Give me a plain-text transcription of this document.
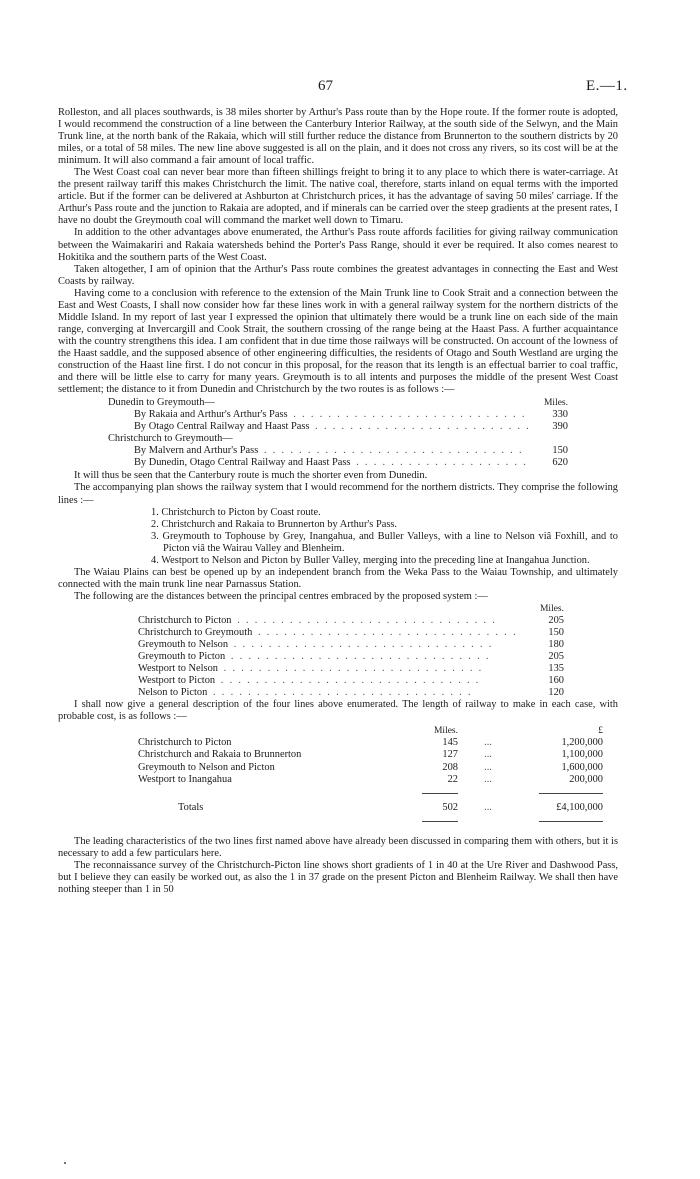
67	E.—1.

Rolleston, and all places southwards, is 38 miles shorter by Arthur's Pass route than by the Hope route. If the former route is adopted, I would recommend the construction of a line between the Canterbury Interior Railway, at the south side of the Selwyn, and the Main Trunk line, at the north bank of the Rakaia, which will still further reduce the distance from Brunnerton to the southern districts by 20 miles, or a total of 58 miles. The new line above suggested is all on the plain, and it does not cross any rivers, so its cost will be at the minimum. It will also command a fair amount of local traffic.

The West Coast coal can never bear more than fifteen shillings freight to bring it to any place to which there is water-carriage. At the present railway tariff this makes Christchurch the limit. The native coal, therefore, starts inland on equal terms with the imported article. But if the former can be delivered at Ashburton at Christchurch prices, it has the advantage of saving 50 miles' carriage. If the Arthur's Pass route and the junction to Rakaia are adopted, and if minerals can be carried over the steep gradients at the present rates, I have no doubt the Greymouth coal will command the market well down to Timaru.

In addition to the other advantages above enumerated, the Arthur's Pass route affords facilities for giving railway communication between the Waimakariri and Rakaia watersheds behind the Porter's Pass Range, should it ever be required. It also comes nearest to Hokitika and the southern parts of the West Coast.

Taken altogether, I am of opinion that the Arthur's Pass route combines the greatest advantages in connecting the East and West Coasts by railway.

Having come to a conclusion with reference to the extension of the Main Trunk line to Cook Strait and a connection between the East and West Coasts, I shall now consider how far these lines work in with a general railway system for the northern districts of the Middle Island. In my report of last year I expressed the opinion that ultimately there would be a trunk line on each side of the main range, converging at Invercargill and Cook Strait, the southern crossing of the range being at the Haast Pass. A further acquaintance with the country strengthens this idea. I am confident that in due time those railways will be constructed. On account of the lowness of the Haast saddle, and the supposed absence of other engineering difficulties, the residents of Otago and South Westland are urging the construction of the Haast line first. I do not concur in this proposal, for the reason that its length is an effectual barrier to coal traffic, and there will be little else to carry for many years. Greymouth is to all intents and purposes the middle of the present West Coast settlement; the distance to it from Dunedin and Christchurch by the two routes is as follows :—

Dunedin to Greymouth—	Miles.
By Rakaia and Arthur's Arthur's Pass . . .	330
By Otago Central Railway and Haast Pass . . .	390
Christchurch to Greymouth—
By Malvern and Arthur's Pass . . .	150
By Dunedin, Otago Central Railway and Haast Pass . . .	620

It will thus be seen that the Canterbury route is much the shorter even from Dunedin.

The accompanying plan shows the railway system that I would recommend for the northern districts. They comprise the following lines :—

1. Christchurch to Picton by Coast route.
2. Christchurch and Rakaia to Brunnerton by Arthur's Pass.
3. Greymouth to Tophouse by Grey, Inangahua, and Buller Valleys, with a line to Nelson viâ Foxhill, and to Picton viâ the Wairau Valley and Blenheim.
4. Westport to Nelson and Picton by Buller Valley, merging into the preceding line at Inangahua Junction.

The Waiau Plains can best be opened up by an independent branch from the Weka Pass to the Waiau Township, and ultimately connected with the main trunk line near Parnassus Station.

The following are the distances between the principal centres embraced by the proposed system :—

Miles.
Christchurch to Picton . . .	205
Christchurch to Greymouth . . .	150
Greymouth to Nelson . . .	180
Greymouth to Picton . . .	205
Westport to Nelson . . .	135
Westport to Picton . . .	160
Nelson to Picton . . .	120

I shall now give a general description of the four lines above enumerated. The length of railway to make in each case, with probable cost, is as follows :—

Miles.	£
Christchurch to Picton	145	...	1,200,000
Christchurch and Rakaia to Brunnerton	127	...	1,100,000
Greymouth to Nelson and Picton	208	...	1,600,000
Westport to Inangahua	22	...	200,000
Totals	502	...	£4,100,000

The leading characteristics of the two lines first named above have already been discussed in comparing them with others, but it is necessary to add a few particulars here.

The reconnaissance survey of the Christchurch-Picton line shows short gradients of 1 in 40 at the Ure River and Dashwood Pass, but I believe they can easily be worked out, as also the 1 in 37 grade on the present Picton and Blenheim Railway. We shall then have nothing steeper than 1 in 50
